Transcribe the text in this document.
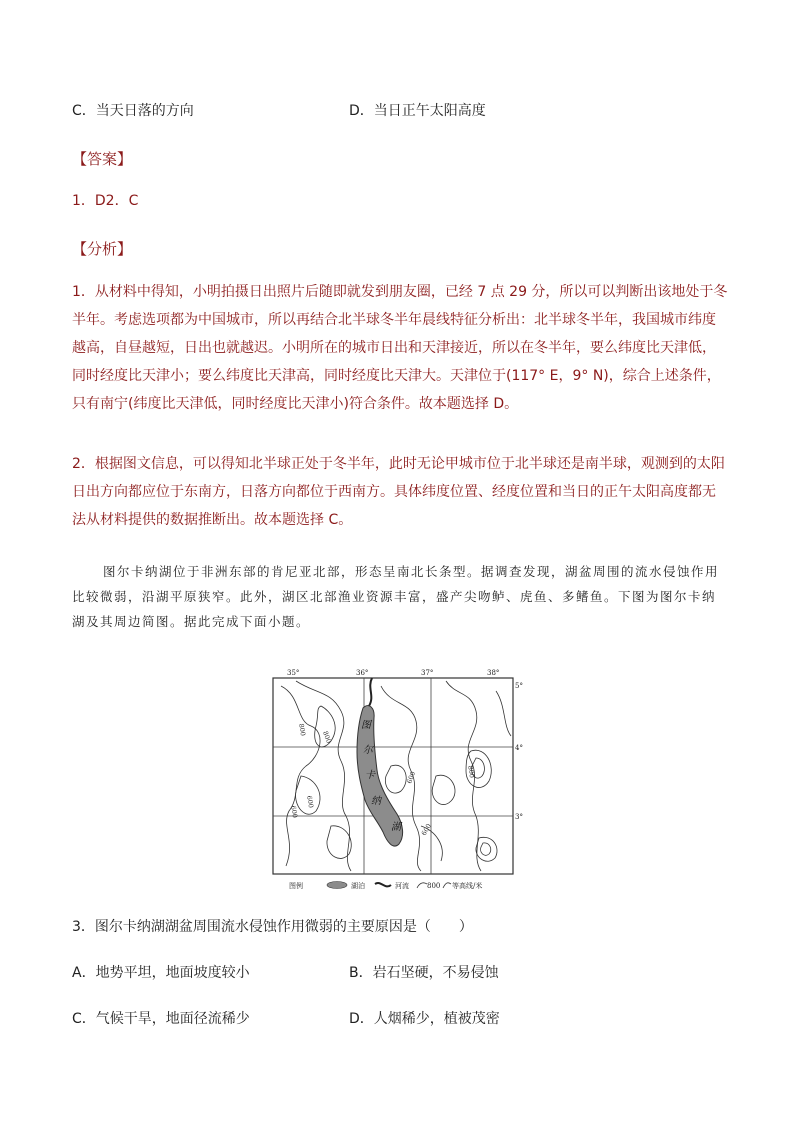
C．当天日落的方向	D．当日正午太阳高度
【答案】
1．D2．C
【分析】
1．从材料中得知，小明拍摄日出照片后随即就发到朋友圈，已经 7 点 29 分，所以可以判断出该地处于冬
半年。考虑选项都为中国城市，所以再结合北半球冬半年晨线特征分析出：北半球冬半年，我国城市纬度
越高，自昼越短，日出也就越迟。小明所在的城市日出和天津接近，所以在冬半年，要么纬度比天津低，
同时经度比天津小；要么纬度比天津高，同时经度比天津大。天津位于(117° E，9° N)，综合上述条件，
只有南宁(纬度比天津低，同时经度比天津小)符合条件。故本题选择 D。
2．根据图文信息，可以得知北半球正处于冬半年，此时无论甲城市位于北半球还是南半球，观测到的太阳
日出方向都应位于东南方，日落方向都位于西南方。具体纬度位置、经度位置和当日的正午太阳高度都无
法从材料提供的数据推断出。故本题选择 C。
图尔卡纳湖位于非洲东部的肯尼亚北部，形态呈南北长条型。据调查发现，湖盆周围的流水侵蚀作用
比较微弱，沿湖平原狭窄。此外，湖区北部渔业资源丰富，盛产尖吻鲈、虎鱼、多鳍鱼。下图为图尔卡纳
湖及其周边简图。据此完成下面小题。
图
尔
卡
纳
湖
800
800
600
600
800
600
600
35°	36°	37°	38°
5°
4°
3°
图例	湖泊	河流	800 等高线/米
3．图尔卡纳湖湖盆周围流水侵蚀作用微弱的主要原因是（　　）
A．地势平坦，地面坡度较小	B．岩石坚硬，不易侵蚀
C．气候干旱，地面径流稀少	D．人烟稀少，植被茂密
